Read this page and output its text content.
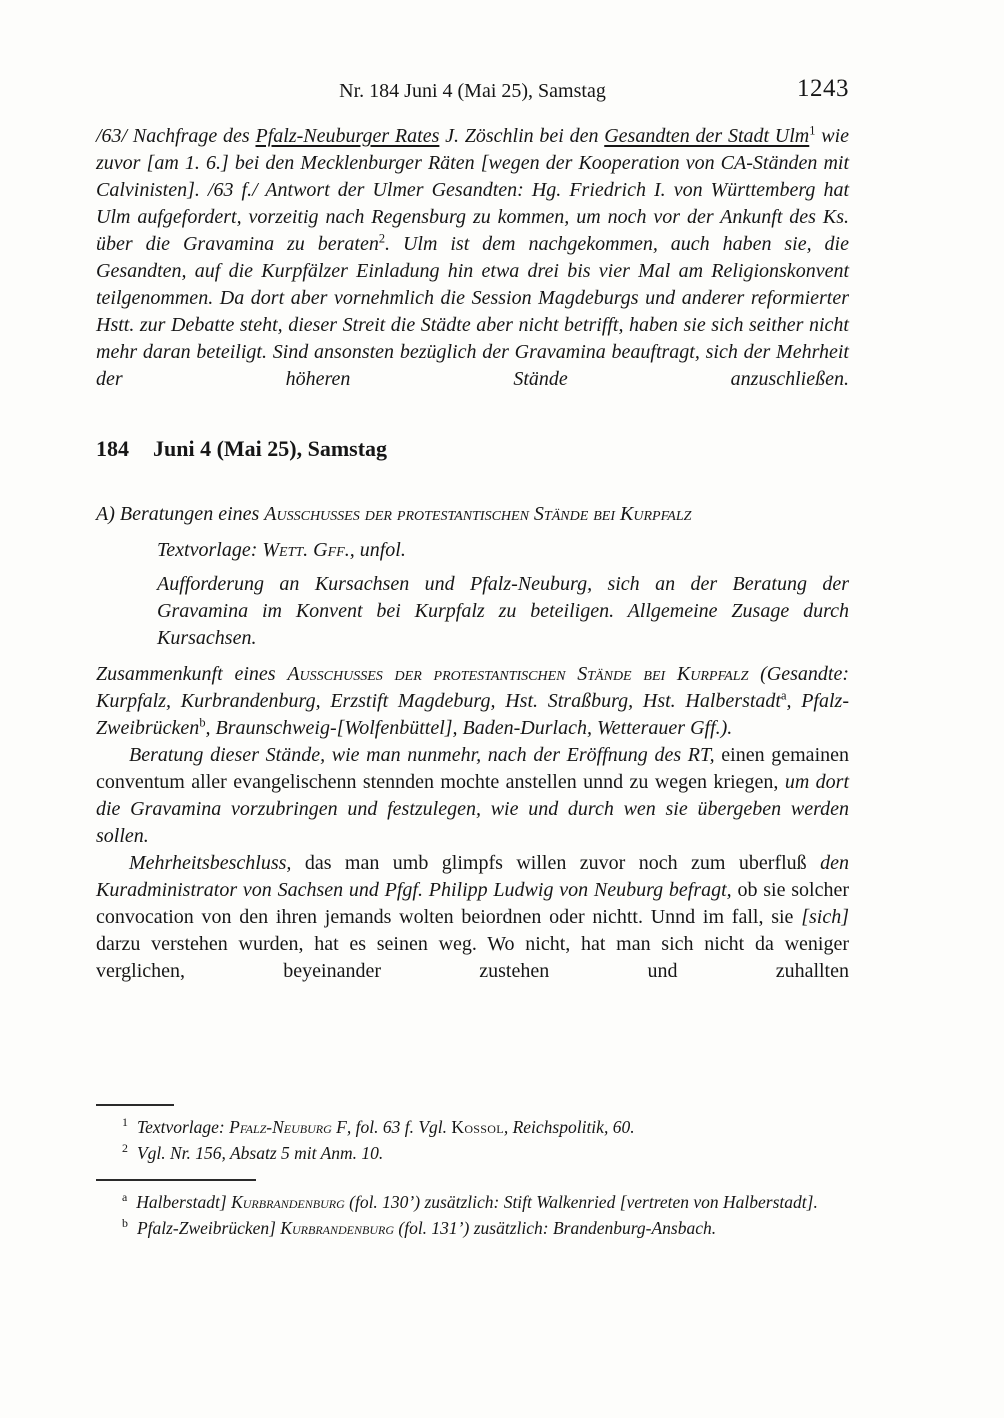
Nr. 184 Juni 4 (Mai 25), Samstag	1243

/63/ Nachfrage des Pfalz-Neuburger Rates J. Zöschlin bei den Gesandten der Stadt Ulm$^1$ wie zuvor [am 1. 6.] bei den Mecklenburger Räten [wegen der Kooperation von CA-Ständen mit Calvinisten]. /63 f./ Antwort der Ulmer Gesandten: Hg. Friedrich I. von Württemberg hat Ulm aufgefordert, vorzeitig nach Regensburg zu kommen, um noch vor der Ankunft des Ks. über die Gravamina zu beraten$^2$. Ulm ist dem nachgekommen, auch haben sie, die Gesandten, auf die Kurpfälzer Einladung hin etwa drei bis vier Mal am Religionskonvent teilgenommen. Da dort aber vornehmlich die Session Magdeburgs und anderer reformierter Hstt. zur Debatte steht, dieser Streit die Städte aber nicht betrifft, haben sie sich seither nicht mehr daran beteiligt. Sind ansonsten bezüglich der Gravamina beauftragt, sich der Mehrheit der höheren Stände anzuschließen.

184 Juni 4 (Mai 25), Samstag

A) Beratungen eines Ausschusses der protestantischen Stände bei Kurpfalz

Textvorlage: Wett. Gff., unfol.

Aufforderung an Kursachsen und Pfalz-Neuburg, sich an der Beratung der Gravamina im Konvent bei Kurpfalz zu beteiligen. Allgemeine Zusage durch Kursachsen.

Zusammenkunft eines Ausschusses der protestantischen Stände bei Kurpfalz (Gesandte: Kurpfalz, Kurbrandenburg, Erzstift Magdeburg, Hst. Straßburg, Hst. Halberstadt$^a$, Pfalz-Zweibrücken$^b$, Braunschweig-[Wolfenbüttel], Baden-Durlach, Wetterauer Gff.).

Beratung dieser Stände, wie man nunmehr, nach der Eröffnung des RT, einen gemainen conventum aller evangelischenn stennden mochte anstellen unnd zu wegen kriegen, um dort die Gravamina vorzubringen und festzulegen, wie und durch wen sie übergeben werden sollen.

Mehrheitsbeschluss, das man umb glimpfs willen zuvor noch zum uberfluß den Kuradministrator von Sachsen und Pfgf. Philipp Ludwig von Neuburg befragt, ob sie solcher convocation von den ihren jemands wolten beiordnen oder nichtt. Unnd im fall, sie [sich] darzu verstehen wurden, hat es seinen weg. Wo nicht, hat man sich nicht da weniger verglichen, beyeinander zustehen und zuhallten

$^1$ Textvorlage: Pfalz-Neuburg F, fol. 63 f. Vgl. Kossol, Reichspolitik, 60.

$^2$ Vgl. Nr. 156, Absatz 5 mit Anm. 10.

$^a$ Halberstadt] Kurbrandenburg (fol. 130’) zusätzlich: Stift Walkenried [vertreten von Halberstadt].

$^b$ Pfalz-Zweibrücken] Kurbrandenburg (fol. 131’) zusätzlich: Brandenburg-Ansbach.
